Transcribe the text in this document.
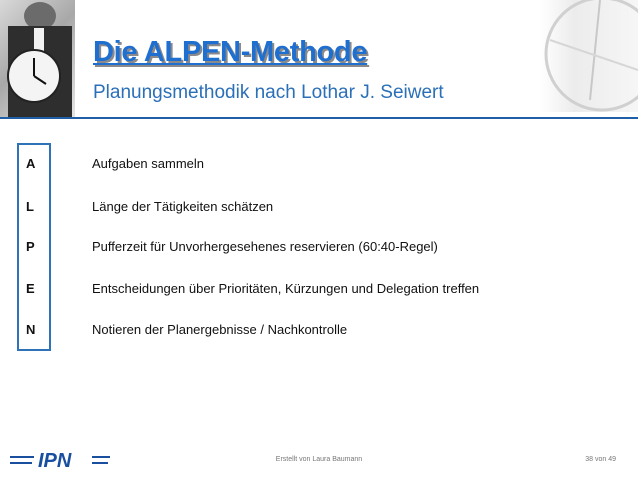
Die ALPEN-Methode

Planungsmethodik nach Lothar J. Seiwert

A
L
P
E
N
Aufgaben sammeln
Länge der Tätigkeiten schätzen
Pufferzeit für Unvorhergesehenes reservieren (60:40-Regel)
Entscheidungen über Prioritäten, Kürzungen und Delegation treffen
Notieren der Planergebnisse / Nachkontrolle
IPN	Erstellt von Laura Baumann	38 von 49
